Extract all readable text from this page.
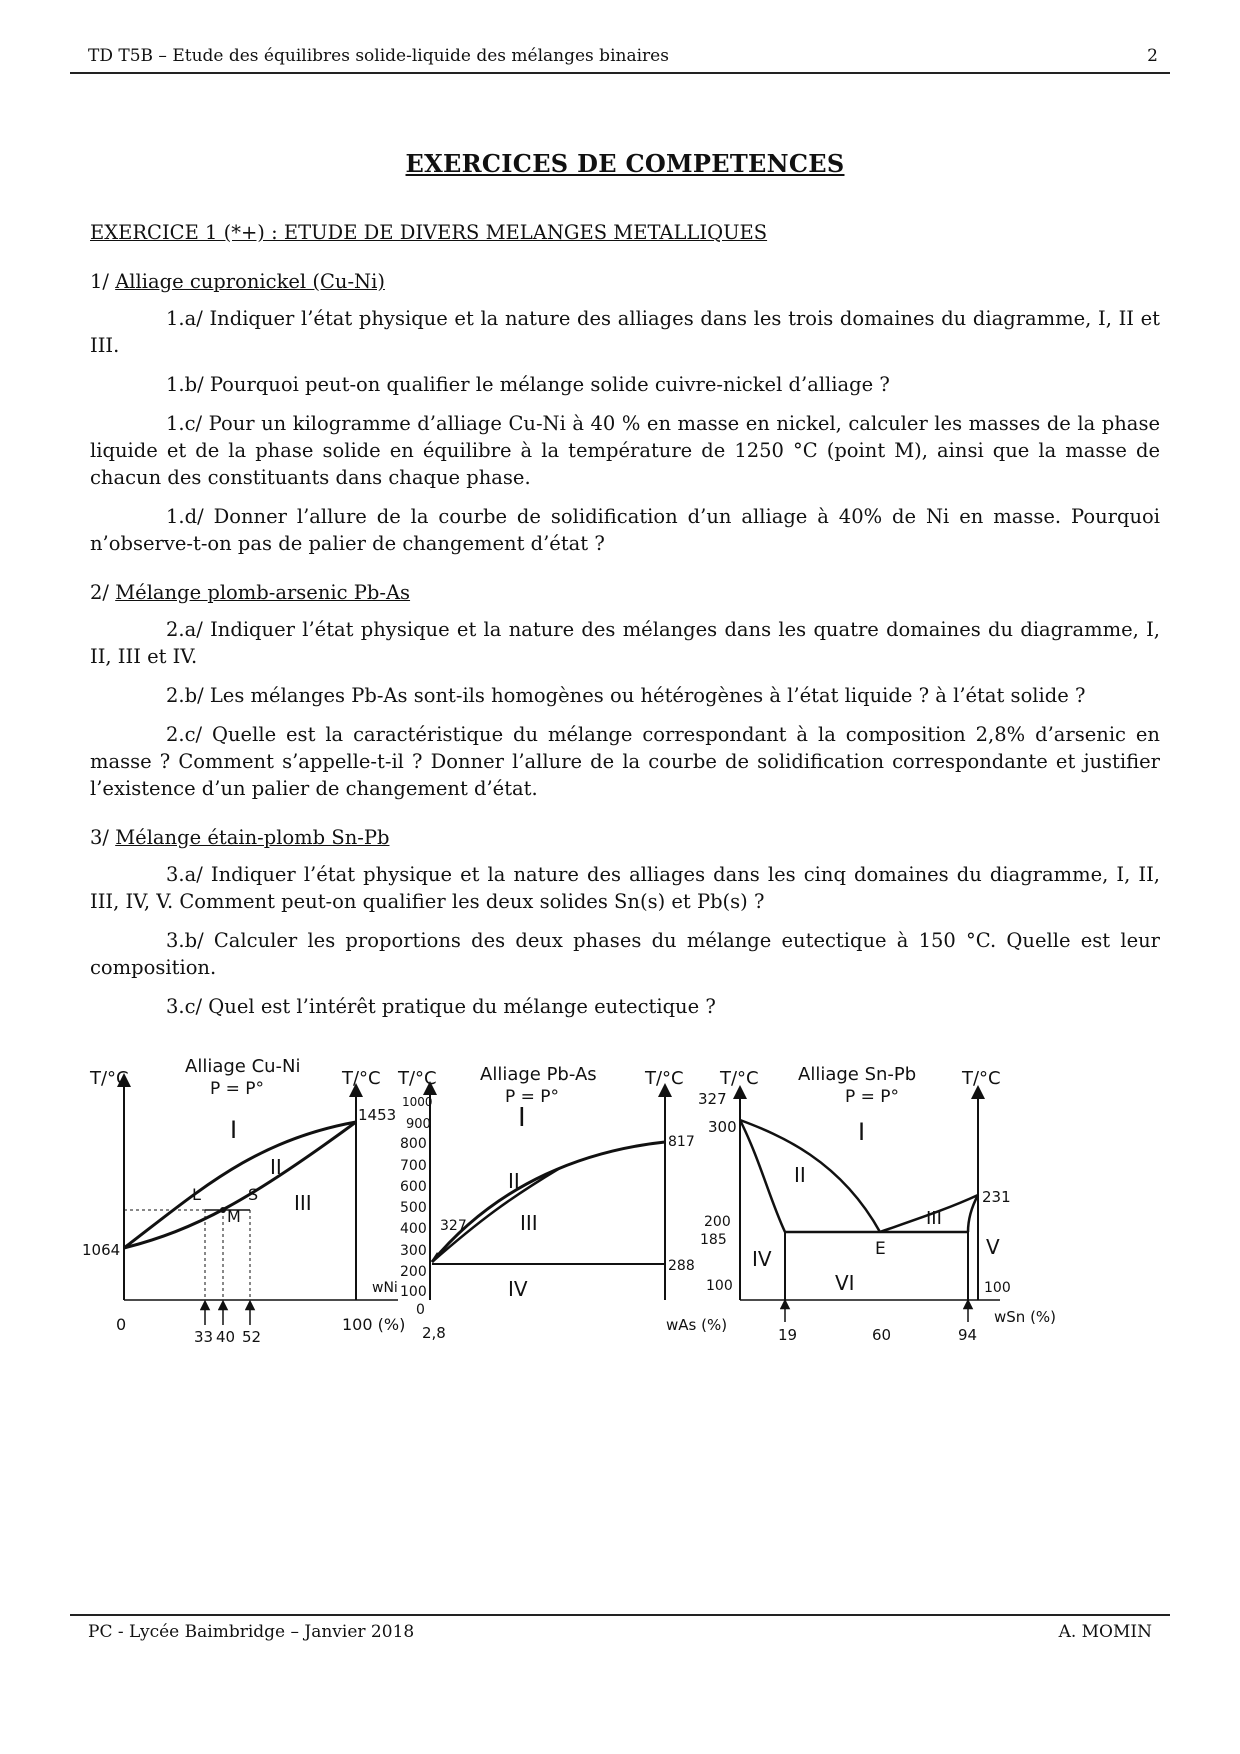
TD T5B – Etude des équilibres solide-liquide des mélanges binaires	2
EXERCICES DE COMPETENCES
EXERCICE 1 (*+) : ETUDE DE DIVERS MELANGES METALLIQUES
1/ Alliage cupronickel (Cu-Ni)

1.a/ Indiquer l’état physique et la nature des alliages dans les trois domaines du diagramme, I, II et III.

1.b/ Pourquoi peut-on qualifier le mélange solide cuivre-nickel d’alliage ?

1.c/ Pour un kilogramme d’alliage Cu-Ni à 40 % en masse en nickel, calculer les masses de la phase liquide et de la phase solide en équilibre à la température de 1250 °C (point M), ainsi que la masse de chacun des constituants dans chaque phase.

1.d/ Donner l’allure de la courbe de solidification d’un alliage à 40% de Ni en masse. Pourquoi n’observe-t-on pas de palier de changement d’état ?

2/ Mélange plomb-arsenic Pb-As

2.a/ Indiquer l’état physique et la nature des mélanges dans les quatre domaines du diagramme, I, II, III et IV.

2.b/ Les mélanges Pb-As sont-ils homogènes ou hétérogènes à l’état liquide ? à l’état solide ?

2.c/ Quelle est la caractéristique du mélange correspondant à la composition 2,8% d’arsenic en masse ? Comment s’appelle-t-il ? Donner l’allure de la courbe de solidification correspondante et justifier l’existence d’un palier de changement d’état.

3/ Mélange étain-plomb Sn-Pb

3.a/ Indiquer l’état physique et la nature des alliages dans les cinq domaines du diagramme, I, II, III, IV, V. Comment peut-on qualifier les deux solides Sn(s) et Pb(s) ?

3.b/ Calculer les proportions des deux phases du mélange eutectique à 150 °C. Quelle est leur composition.

3.c/ Quel est l’intérêt pratique du mélange eutectique ?

T/°C	T/°C
Alliage Cu-Ni
P = P°
L
M
S
I
II
III
1064
1453
0	100 (%)
wNi
33 40 52
T/°C	T/°C
Alliage Pb-As
P = P°
1000
900
800
700
600
500
400
300
200
100
0
I
II
III
IV
327
817
288
2,8	wAs (%)
T/°C	T/°C
Alliage Sn-Pb
P = P°
I
II
III
IV	V
VI
E
327
300
200
185
100
231
100
19	60	94
wSn (%)
PC - Lycée Baimbridge – Janvier 2018	A. MOMIN
